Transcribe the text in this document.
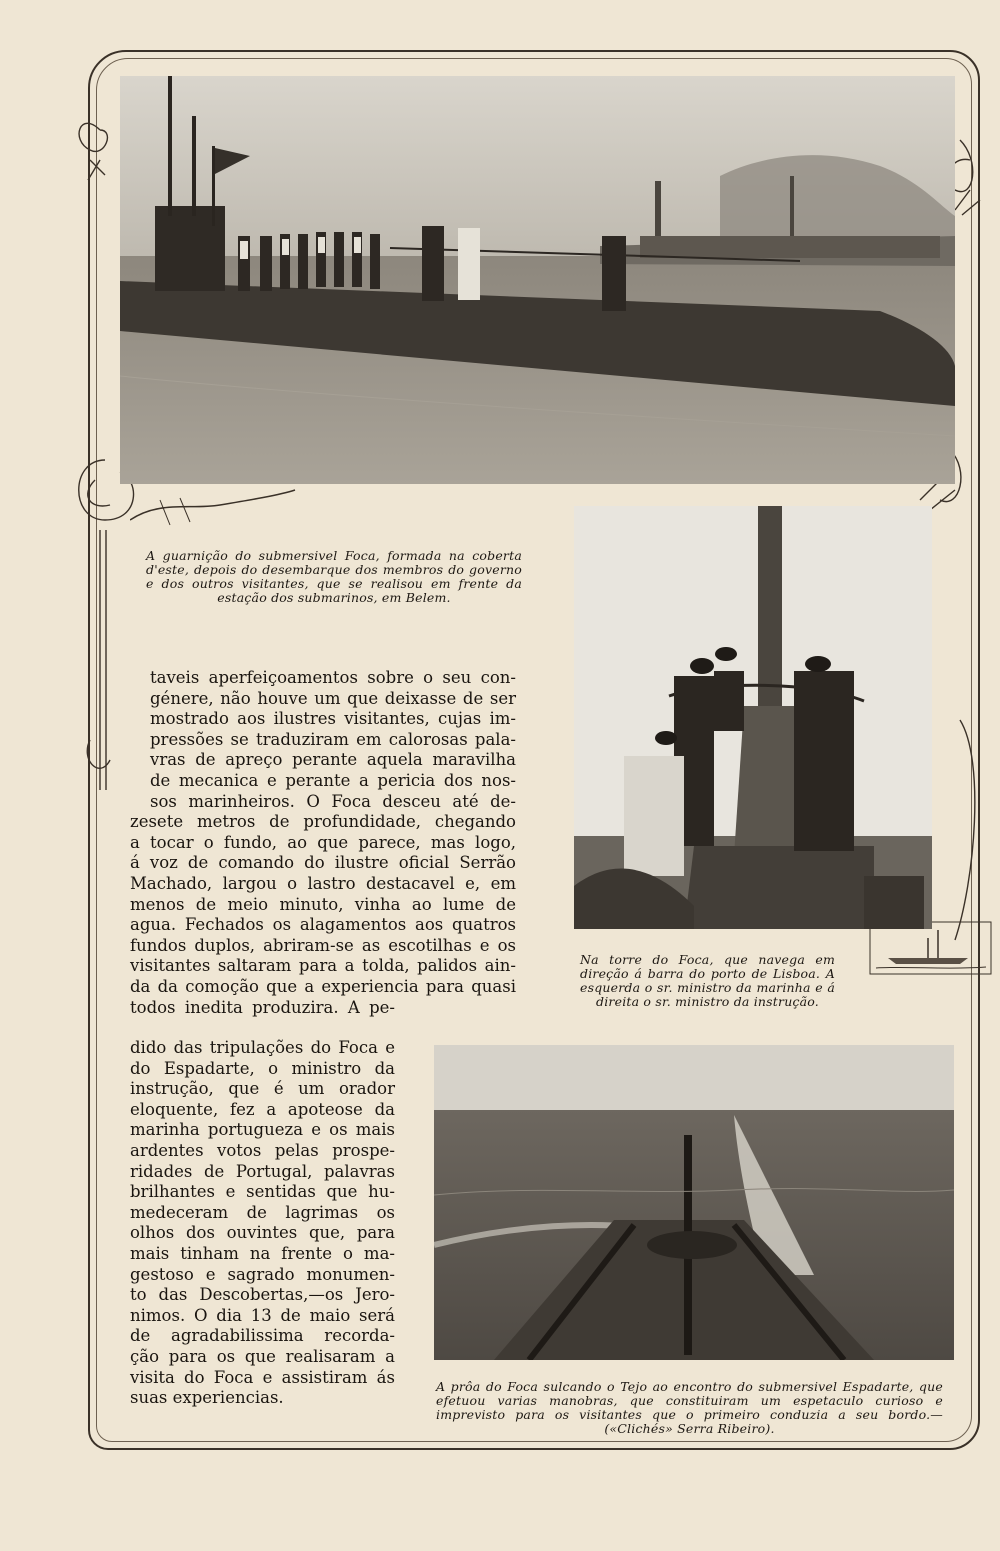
A guarnição do submersivel Foca, formada na coberta d'este, depois do desembarque dos membros do governo e dos outros visitantes, que se realisou em frente da estação dos submarinos, em Belem.
Na torre do Foca, que navega em direção á barra do porto de Lisboa. A esquerda o sr. ministro da marinha e á direita o sr. ministro da instrução.
A prôa do Foca sulcando o Tejo ao encontro do submersivel Espadarte, que efetuou varias manobras, que constituiram um espetaculo curioso e imprevisto para os visitantes que o primeiro conduzia a seu bordo.—(«Clichés» Serra Ribeiro).
taveis aperfeiçoamentos sobre o seu con-
génere, não houve um que deixasse de ser
mostrado aos ilustres visitantes, cujas im-
pressões se traduziram em calorosas pala-
vras de apreço perante aquela maravilha
de mecanica e perante a pericia dos nos-
sos marinheiros. O Foca desceu até de-
zesete metros de profundidade, chegando
a tocar o fundo, ao que parece, mas logo,
á voz de comando do ilustre oficial Serrão
Machado, largou o lastro destacavel e, em
menos de meio minuto, vinha ao lume de
agua. Fechados os alagamentos aos quatros
fundos duplos, abriram-se as escotilhas e os
visitantes saltaram para a tolda, palidos ain-
da da comoção que a experiencia para quasi
todos inedita produzira. A pe-
dido das tripulações do Foca e
do Espadarte, o ministro da
instrução, que é um orador
eloquente, fez a apoteose da
marinha portugueza e os mais
ardentes votos pelas prospe-
ridades de Portugal, palavras
brilhantes e sentidas que hu-
medeceram de lagrimas os
olhos dos ouvintes que, para
mais tinham na frente o ma-
gestoso e sagrado monumen-
to das Descobertas,—os Jero-
nimos. O dia 13 de maio será
de agradabilissima recorda-
ção para os que realisaram a
visita do Foca e assistiram ás
suas experiencias.
